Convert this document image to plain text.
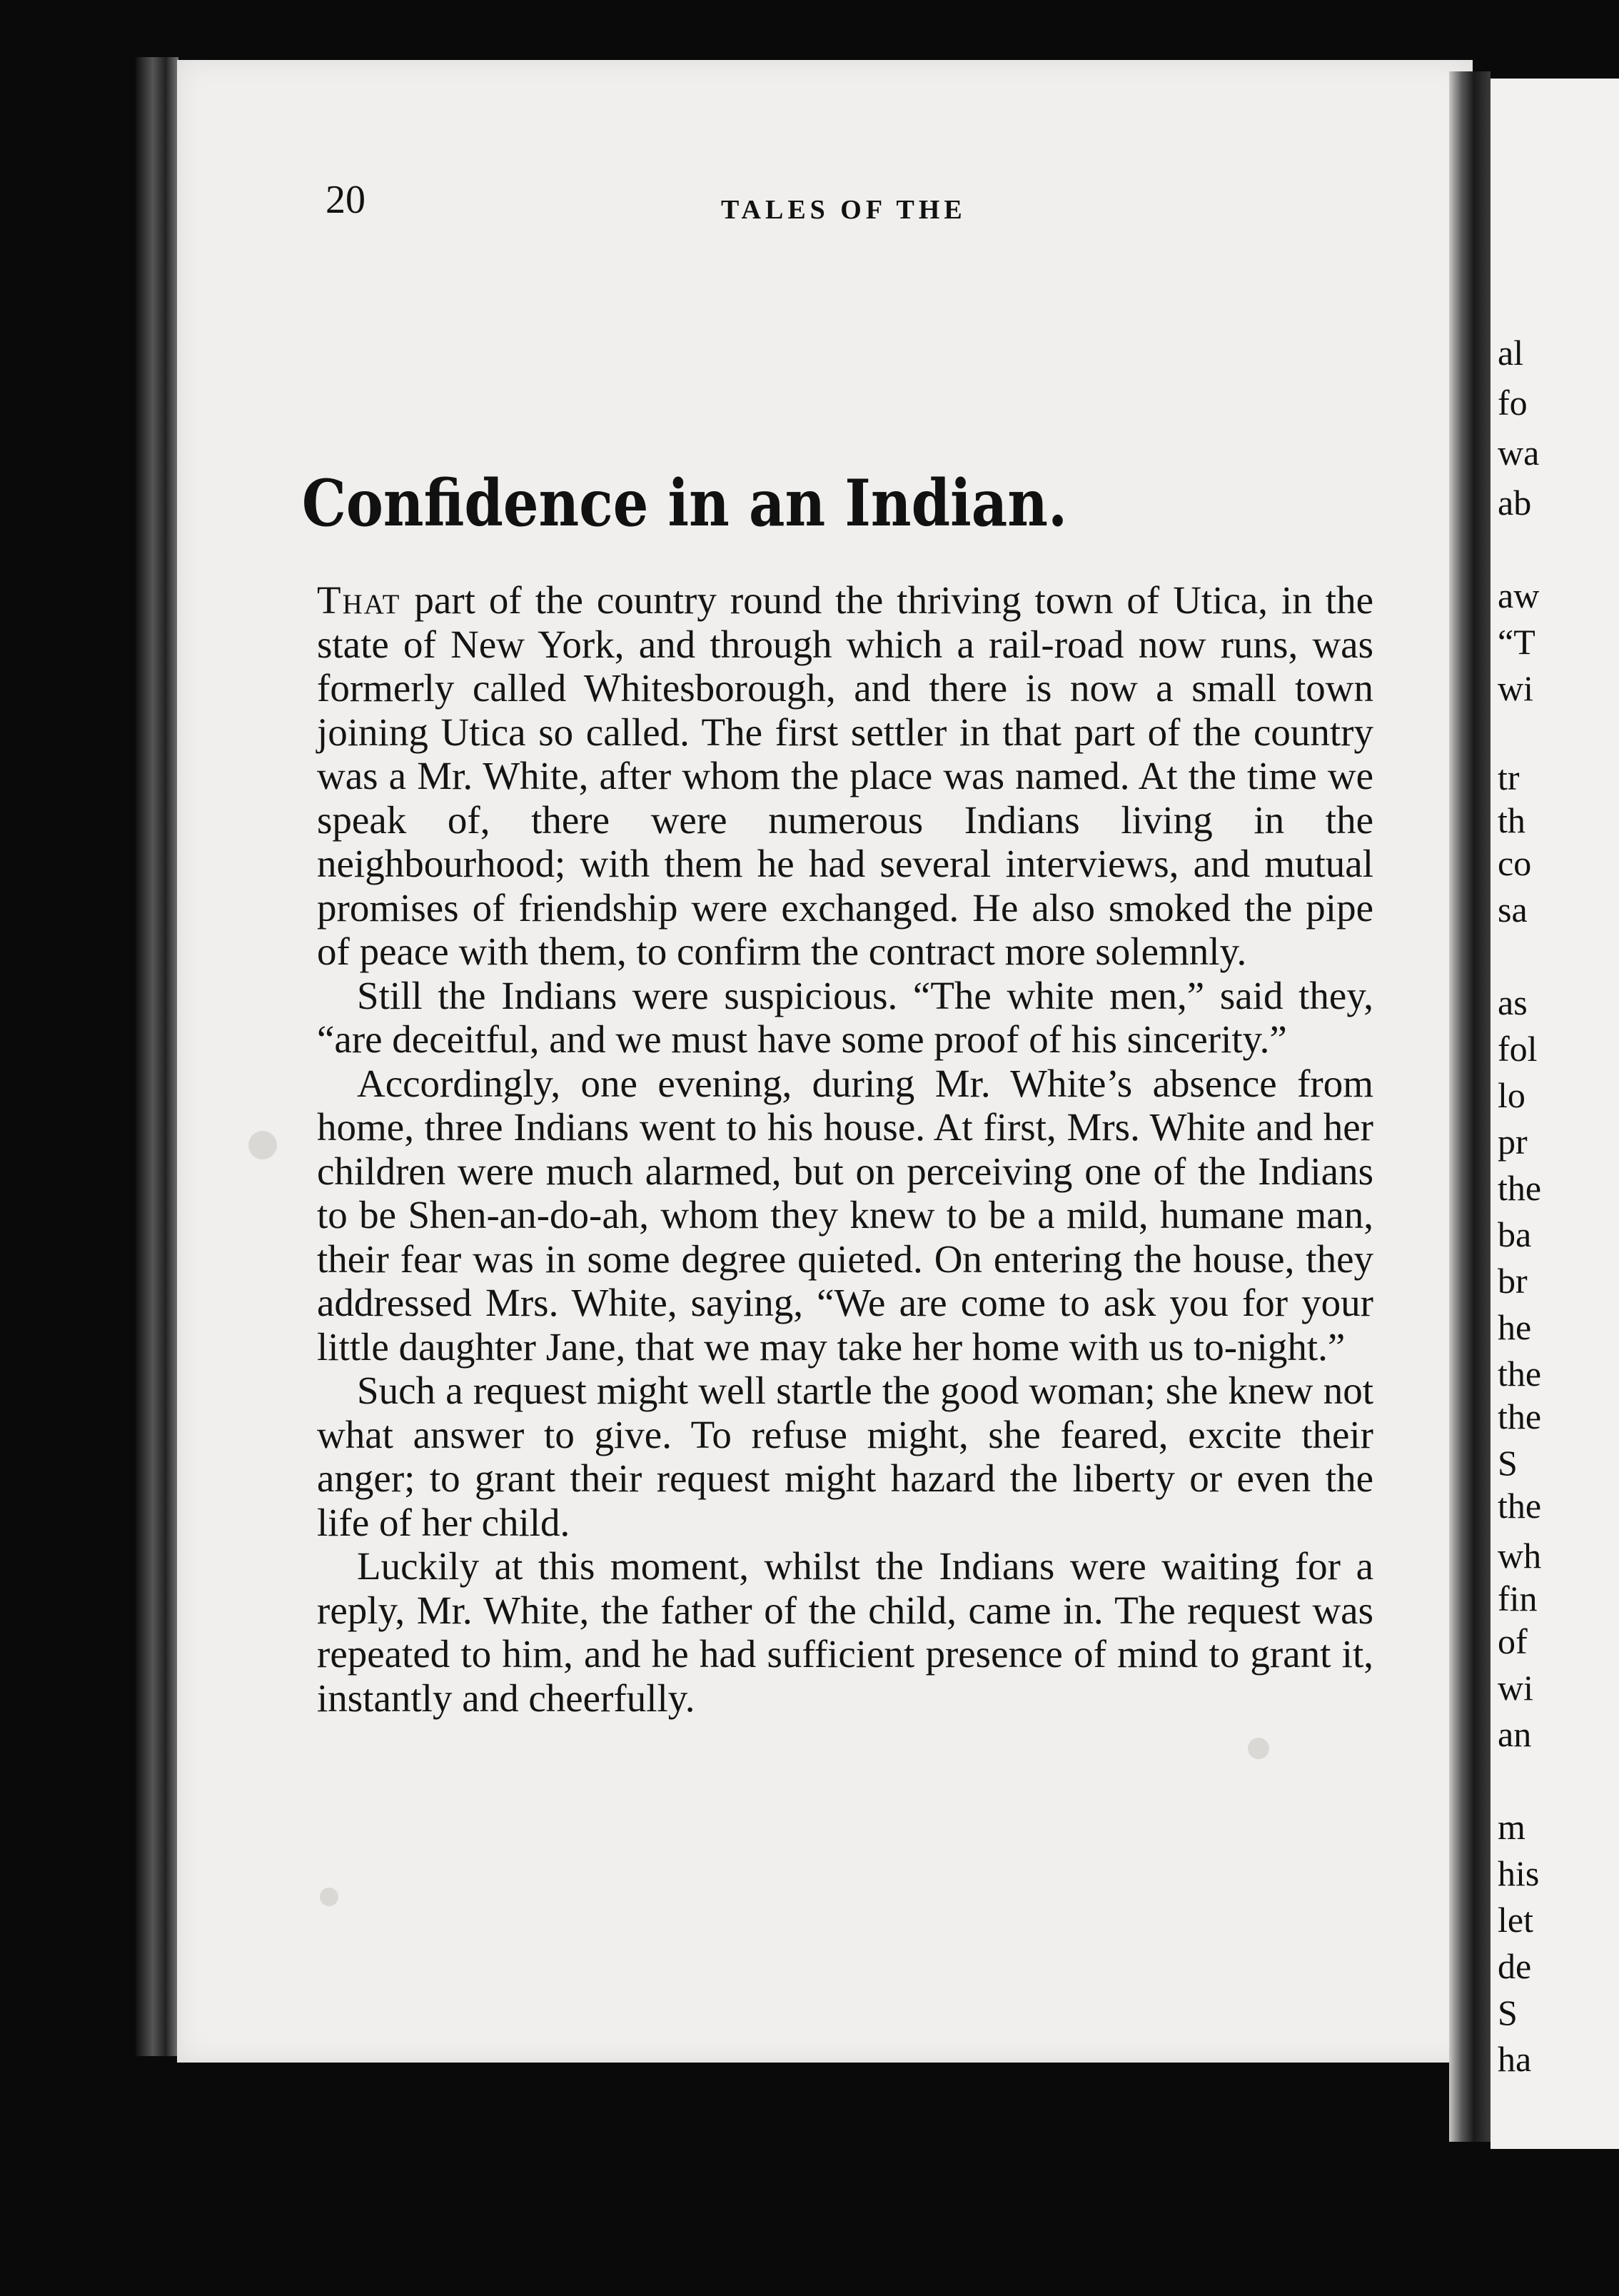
al
fo
wa
ab
aw
“T
wi
tr
th
co
sa
as
fol
lo
pr
the
ba
br
he
the
the
S
the
wh
fin
of
wi
an
m
his
let
de
S
ha
20	TALES OF THE
Confidence in an Indian.

That part of the country round the thriving town of Utica, in the state of New York, and through which a rail-road now runs, was formerly called Whitesborough, and there is now a small town joining Utica so called. The first settler in that part of the country was a Mr. White, after whom the place was named. At the time we speak of, there were numerous Indians living in the neighbourhood; with them he had several interviews, and mutual promises of friendship were exchanged. He also smoked the pipe of peace with them, to confirm the contract more solemnly.

Still the Indians were suspicious. “The white men,” said they, “are deceitful, and we must have some proof of his sincerity.”

Accordingly, one evening, during Mr. White’s absence from home, three Indians went to his house. At first, Mrs. White and her children were much alarmed, but on perceiving one of the Indians to be Shen-an-do-ah, whom they knew to be a mild, humane man, their fear was in some degree quieted. On entering the house, they addressed Mrs. White, saying, “We are come to ask you for your little daughter Jane, that we may take her home with us to-night.”

Such a request might well startle the good woman; she knew not what answer to give. To refuse might, she feared, excite their anger; to grant their request might hazard the liberty or even the life of her child.

Luckily at this moment, whilst the Indians were waiting for a reply, Mr. White, the father of the child, came in. The request was repeated to him, and he had sufficient presence of mind to grant it, instantly and cheerfully.
